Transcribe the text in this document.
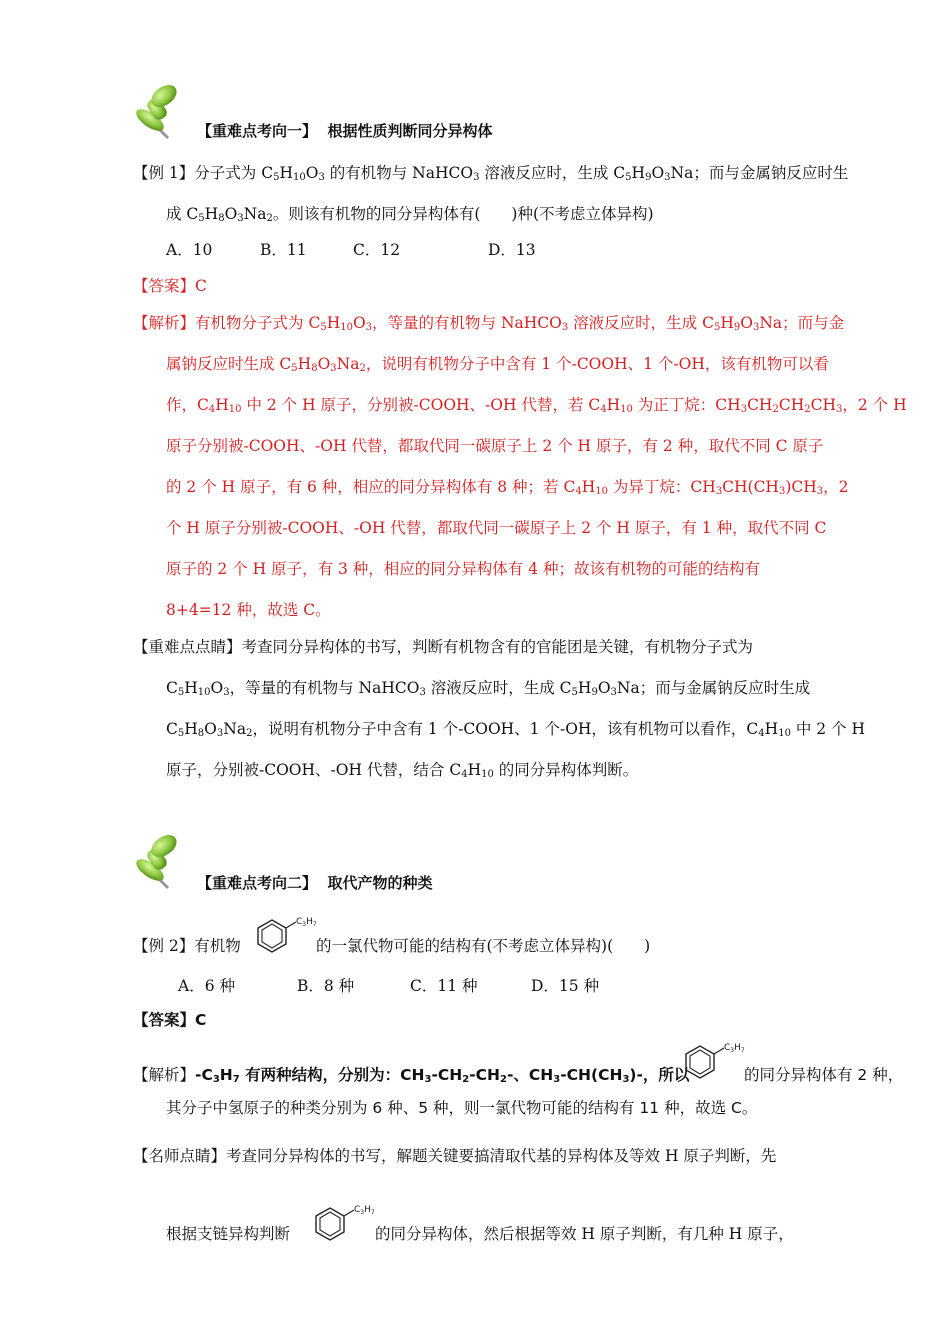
【重难点考向一】 根据性质判断同分异构体
【例 1】分子式为 $C_5H_{10}O_3$ 的有机物与 NaHCO$_3$ 溶液反应时，生成 $C_5H_9O_3Na$；而与金属钠反应时生
成 $C_5H_8O_3Na_2$。则该有机物的同分异构体有(　　)种(不考虑立体异构)
A．10	B．11	C．12	D．13
【答案】C
【解析】有机物分子式为 $C_5H_{10}O_3$，等量的有机物与 NaHCO$_3$ 溶液反应时，生成 $C_5H_9O_3Na$；而与金
属钠反应时生成 $C_5H_8O_3Na_2$，说明有机物分子中含有 1 个-COOH、1 个-OH，该有机物可以看
作，$C_4H_{10}$ 中 2 个 H 原子，分别被-COOH、-OH 代替，若 $C_4H_{10}$ 为正丁烷：$CH_3CH_2CH_2CH_3$，2 个 H
原子分别被-COOH、-OH 代替，都取代同一碳原子上 2 个 H 原子，有 2 种，取代不同 C 原子
的 2 个 H 原子，有 6 种，相应的同分异构体有 8 种；若 $C_4H_{10}$ 为异丁烷：$CH_3CH(CH_3)CH_3$，2
个 H 原子分别被-COOH、-OH 代替，都取代同一碳原子上 2 个 H 原子，有 1 种，取代不同 C
原子的 2 个 H 原子，有 3 种，相应的同分异构体有 4 种；故该有机物的可能的结构有
8+4=12 种，故选 C。
【重难点点睛】考查同分异构体的书写，判断有机物含有的官能团是关键，有机物分子式为
$C_5H_{10}O_3$，等量的有机物与 NaHCO$_3$ 溶液反应时，生成 $C_5H_9O_3Na$；而与金属钠反应时生成
$C_5H_8O_3Na_2$，说明有机物分子中含有 1 个-COOH、1 个-OH，该有机物可以看作，$C_4H_{10}$ 中 2 个 H
原子，分别被-COOH、-OH 代替，结合 $C_4H_{10}$ 的同分异构体判断。
【重难点考向二】 取代产物的种类
【例 2】有机物
$C_3H_7$
的一氯代物可能的结构有(不考虑立体异构)(　　)
A．6 种	B．8 种	C．11 种	D．15 种
【答案】C
【解析】$-C_3H_7$ 有两种结构，分别为：$CH_3-CH_2-CH_2-$、$CH_3-CH(CH_3)-$，所以
$C_3H_7$
的同分异构体有 2 种，
其分子中氢原子的种类分别为 6 种、5 种，则一氯代物可能的结构有 11 种，故选 C。
【名师点睛】考查同分异构体的书写，解题关键要搞清取代基的异构体及等效 H 原子判断，先
根据支链异构判断
$C_3H_7$
的同分异构体，然后根据等效 H 原子判断，有几种 H 原子，
